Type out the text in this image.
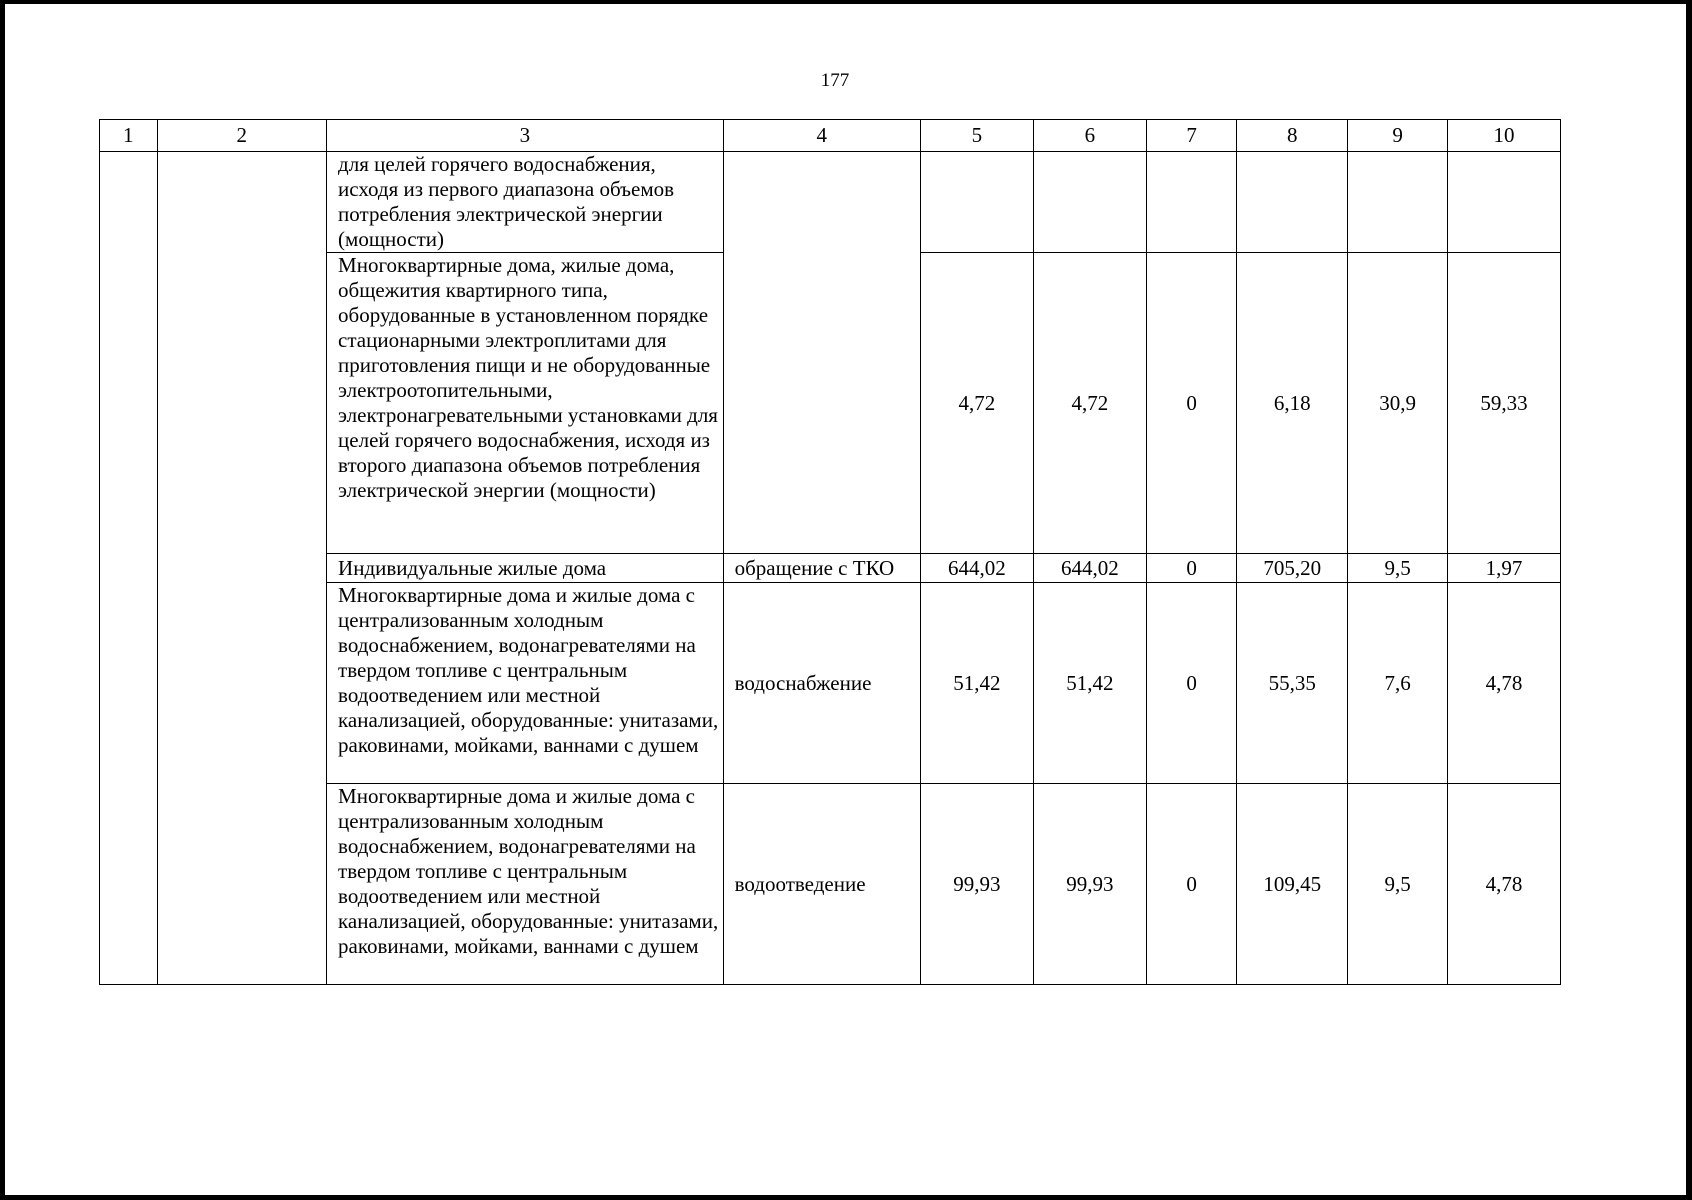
177
1	2	3	4	5	6	7	8	9	10
		для целей горячего водоснабжения, исходя из первого диапазона объемов потребления электрической энергии (мощности)							
		Многоквартирные дома, жилые дома, общежития квартирного типа, оборудованные в установленном порядке стационарными электроплитами для приготовления пищи и не оборудованные электроотопительными, электронагревательными установками для целей горячего водоснабжения, исходя из второго диапазона объемов потребления электрической энергии (мощности)		4,72	4,72	0	6,18	30,9	59,33
		Индивидуальные жилые дома	обращение с ТКО	644,02	644,02	0	705,20	9,5	1,97
		Многоквартирные дома и жилые дома с централизованным холодным водоснабжением, водонагревателями на твердом топливе с центральным водоотведением или местной канализацией, оборудованные: унитазами, раковинами, мойками, ваннами с душем	водоснабжение	51,42	51,42	0	55,35	7,6	4,78
		Многоквартирные дома и жилые дома с централизованным холодным водоснабжением, водонагревателями на твердом топливе с центральным водоотведением или местной канализацией, оборудованные: унитазами, раковинами, мойками, ваннами с душем	водоотведение	99,93	99,93	0	109,45	9,5	4,78
